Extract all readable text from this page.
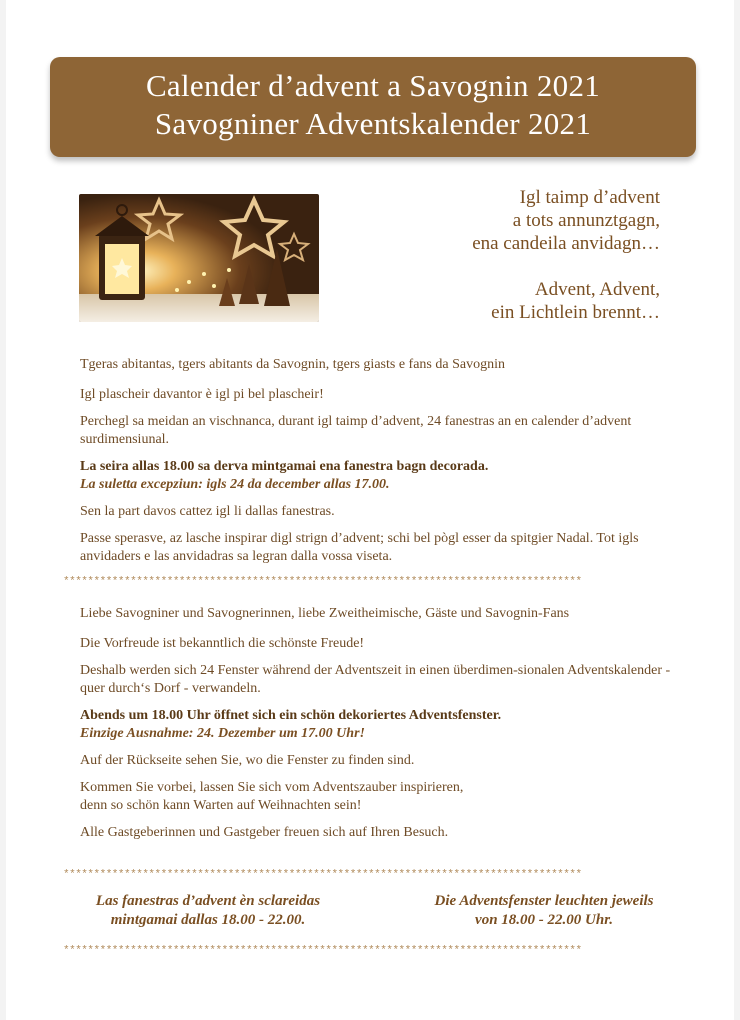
Calender d’advent a Savognin 2021
Savogniner Adventskalender 2021
Igl taimp d’advent
a tots annunztgagn,
ena candeila anvidagn…
Advent, Advent,
ein Lichtlein brennt…

Tgeras abitantas, tgers abitants da Savognin, tgers giasts e fans da Savognin

Igl plascheir davantor è igl pi bel plascheir!

Perchegl sa meidan an vischnanca, durant igl taimp d’advent, 24 fanestras an en calender d’advent surdimensiunal.

La seira allas 18.00 sa derva mintgamai ena fanestra bagn decorada.

La suletta excepziun: igls 24 da december allas 17.00.

Sen la part davos cattez igl li dallas fanestras.

Passe sperasve, az lasche inspirar digl strign d’advent; schi bel pògl esser da spitgier Nadal. Tot igls anvidaders e las anvidadras sa legran dalla vossa viseta.

*************************************************************************************

Liebe Savogniner und Savognerinnen, liebe Zweitheimische, Gäste und Savognin-Fans

Die Vorfreude ist bekanntlich die schönste Freude!

Deshalb werden sich 24 Fenster während der Adventszeit in einen überdimen-sionalen Adventskalender - quer durch‘s Dorf - verwandeln.

Abends um 18.00 Uhr öffnet sich ein schön dekoriertes Adventsfenster.

Einzige Ausnahme: 24. Dezember um 17.00 Uhr!

Auf der Rückseite sehen Sie, wo die Fenster zu finden sind.

Kommen Sie vorbei, lassen Sie sich vom Adventszauber inspirieren,
denn so schön kann Warten auf Weihnachten sein!

Alle Gastgeberinnen und Gastgeber freuen sich auf Ihren Besuch.

*************************************************************************************
Las fanestras d’advent èn sclareidas
mintgamai dallas 18.00 - 22.00.
Die Adventsfenster leuchten jeweils
von 18.00 - 22.00 Uhr.
*************************************************************************************
